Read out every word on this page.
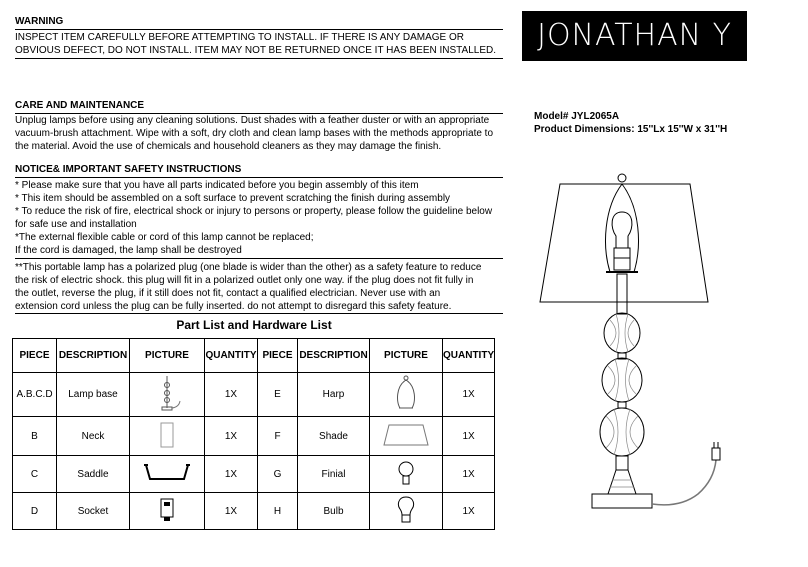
WARNING
INSPECT ITEM CAREFULLY BEFORE ATTEMPTING TO INSTALL. IF THERE IS ANY DAMAGE OR
OBVIOUS DEFECT, DO NOT INSTALL. ITEM MAY NOT BE RETURNED ONCE IT HAS BEEN INSTALLED.	JONATHAN Y
Model# JYL2065A
Product Dimensions: 15''Lx 15''W x 31''H
CARE AND MAINTENANCE
Unplug lamps before using any cleaning solutions. Dust shades with a feather duster or with an appropriate
vacuum-brush attachment. Wipe with a soft, dry cloth and clean lamp bases with the methods appropriate to
the material. Avoid the use of chemicals and household cleaners as they may damage the finish.
NOTICE& IMPORTANT SAFETY INSTRUCTIONS
* Please make sure that you have all parts indicated before you begin assembly of this item
* This item should be assembled on a soft surface to prevent scratching the finish during assembly
* To reduce the risk of fire, electrical shock or injury to persons or property, please follow the guideline below
for safe use and installation
*The external flexible cable or cord of this lamp cannot be replaced;
If the cord is damaged, the lamp shall be destroyed
**This portable lamp has a polarized plug (one blade is wider than the other) as a safety feature to reduce
the risk of electric shock. this plug will fit in a polarized outlet only one way. if the plug does not fit fully in
the outlet, reverse the plug, if it still does not fit, contact a qualified electrician. Never use with an
extension cord unless the plug can be fully inserted. do not attempt to disregard this safety feature.
Part List and Hardware List
PIECE	DESCRIPTION	PICTURE	QUANTITY	PIECE	DESCRIPTION	PICTURE	QUANTITY
A.B.C.D	Lamp base		1X	E	Harp		1X
B	Neck		1X	F	Shade		1X
C	Saddle		1X	G	Finial		1X
D	Socket		1X	H	Bulb		1X
